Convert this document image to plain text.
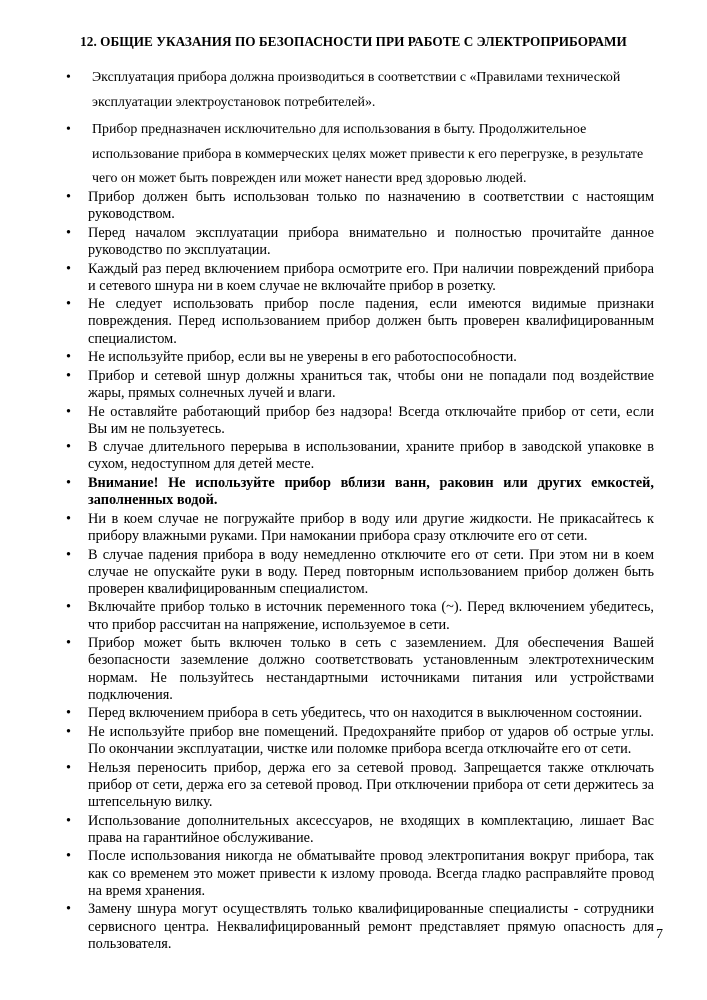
12. ОБЩИЕ УКАЗАНИЯ ПО БЕЗОПАСНОСТИ ПРИ РАБОТЕ С ЭЛЕКТРОПРИБОРАМИ
•	Эксплуатация прибора должна производиться в соответствии с «Правилами технической эксплуатации электроустановок потребителей».
•	Прибор предназначен исключительно для использования в быту. Продолжительное использование прибора в коммерческих целях может привести к его перегрузке, в результате чего он может быть поврежден или может нанести вред здоровью людей.
•	Прибор должен быть использован только по назначению в соответствии с настоящим руководством.
•	Перед началом эксплуатации прибора внимательно и полностью прочитайте данное руководство по эксплуатации.
•	Каждый раз перед включением прибора осмотрите его. При наличии повреждений прибора и сетевого шнура ни в коем случае не включайте прибор в розетку.
•	Не следует использовать прибор после падения, если имеются видимые признаки повреждения. Перед использованием прибор должен быть проверен квалифицированным специалистом.
•	Не используйте прибор, если вы не уверены в его работоспособности.
•	Прибор и сетевой шнур должны храниться так, чтобы они не попадали под воздействие жары, прямых солнечных лучей и влаги.
•	Не оставляйте работающий прибор без надзора! Всегда отключайте прибор от сети, если Вы им не пользуетесь.
•	В случае длительного перерыва в использовании, храните прибор в заводской упаковке в сухом, недоступном для детей месте.
•	Внимание! Не используйте прибор вблизи ванн, раковин или других емкостей, заполненных водой.
•	Ни в коем случае не погружайте прибор в воду или другие жидкости. Не прикасайтесь к прибору влажными руками. При намокании прибора сразу отключите его от сети.
•	В случае падения прибора в воду немедленно отключите его от сети. При этом ни в коем случае не опускайте руки в воду. Перед повторным использованием прибор должен быть проверен квалифицированным специалистом.
•	Включайте прибор только в источник переменного тока (~). Перед включением убедитесь, что прибор рассчитан на напряжение, используемое в сети.
•	Прибор может быть включен только в сеть с заземлением. Для обеспечения Вашей безопасности заземление должно соответствовать установленным электротехническим нормам. Не пользуйтесь нестандартными источниками питания или устройствами подключения.
•	Перед включением прибора в сеть убедитесь, что он находится в выключенном состоянии.
•	Не используйте прибор вне помещений. Предохраняйте прибор от ударов об острые углы. По окончании эксплуатации, чистке или поломке прибора всегда отключайте его от сети.
•	Нельзя переносить прибор, держа его за сетевой провод. Запрещается также отключать прибор от сети, держа его за сетевой провод. При отключении прибора от сети держитесь за штепсельную вилку.
•	Использование дополнительных аксессуаров, не входящих в комплектацию, лишает Вас права на гарантийное обслуживание.
•	После использования никогда не обматывайте провод электропитания вокруг прибора, так как со временем это может привести к излому провода. Всегда гладко расправляйте провод на время хранения.
•	Замену шнура могут осуществлять только квалифицированные специалисты - сотрудники сервисного центра. Неквалифицированный ремонт представляет прямую опасность для пользователя.
7
